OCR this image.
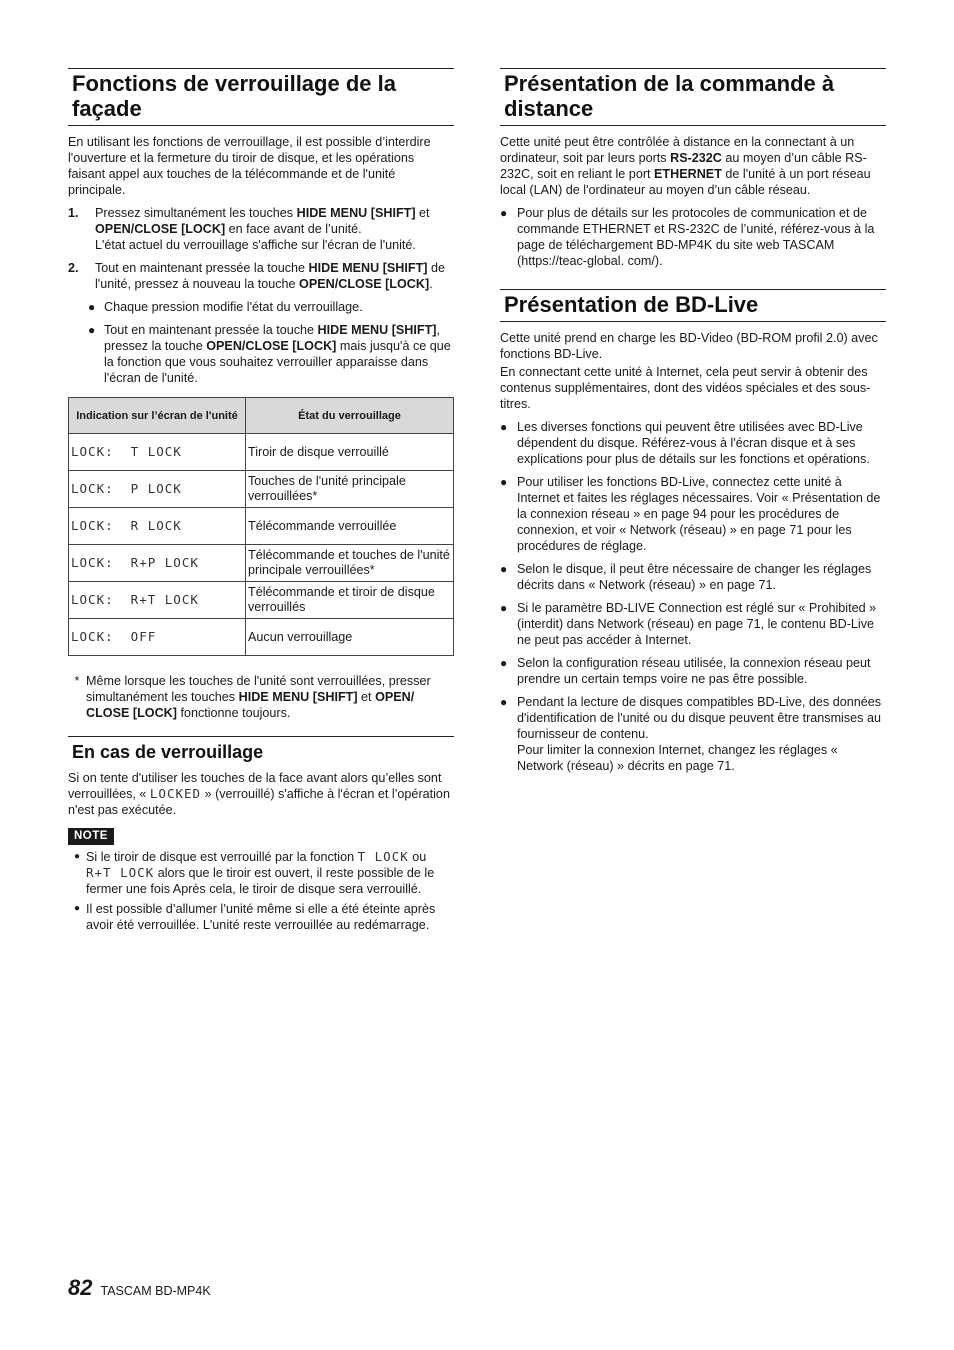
Fonctions de verrouillage de la façade

En utilisant les fonctions de verrouillage, il est possible d’interdire l'ouverture et la fermeture du tiroir de disque, et les opérations faisant appel aux touches de la télécommande et de l'unité principale.

1.	Pressez simultanément les touches HIDE MENU [SHIFT] et OPEN/CLOSE [LOCK] en face avant de l’unité.

L'état actuel du verrouillage s'affiche sur l'écran de l'unité.

2.	Tout en maintenant pressée la touche HIDE MENU [SHIFT] de l'unité, pressez à nouveau la touche OPEN/CLOSE [LOCK].
● Chaque pression modifie l'état du verrouillage.
● Tout en maintenant pressée la touche HIDE MENU [SHIFT], pressez la touche OPEN/CLOSE [LOCK] mais jusqu'à ce que la fonction que vous souhaitez verrouiller apparaisse dans l'écran de l'unité.
Indication sur l’écran de l'unité	État du verrouillage
LOCK:  T LOCK	Tiroir de disque verrouillé
LOCK:  P LOCK	Touches de l'unité principale verrouillées*
LOCK:  R LOCK	Télécommande verrouillée
LOCK:  R+P LOCK	Télécommande et touches de l'unité principale verrouillées*
LOCK:  R+T LOCK	Télécommande et tiroir de disque verrouillés
LOCK:  OFF	Aucun verrouillage
* Même lorsque les touches de l'unité sont verrouillées, presser simultanément les touches HIDE MENU [SHIFT] et OPEN/ CLOSE [LOCK] fonctionne toujours.
En cas de verrouillage

Si on tente d'utiliser les touches de la face avant alors qu’elles sont verrouillées, « LOCKED » (verrouillé) s'affiche à l'écran et l’opération n'est pas exécutée.

NOTE
● Si le tiroir de disque est verrouillé par la fonction T LOCK ou R+T LOCK alors que le tiroir est ouvert, il reste possible de le fermer une fois Après cela, le tiroir de disque sera verrouillé.
● Il est possible d’allumer l’unité même si elle a été éteinte après avoir été verrouillée. L'unité reste verrouillée au redémarrage.
Présentation de la commande à distance

Cette unité peut être contrôlée à distance en la connectant à un ordinateur, soit par leurs ports RS-232C au moyen d’un câble RS-232C, soit en reliant le port ETHERNET de l'unité à un port réseau local (LAN) de l'ordinateur au moyen d’un câble réseau.

● Pour plus de détails sur les protocoles de communication et de commande ETHERNET et RS-232C de l’unité, référez-vous à la page de téléchargement BD-MP4K du site web TASCAM (https://teac-global. com/).
Présentation de BD-Live

Cette unité prend en charge les BD-Video (BD-ROM profil 2.0) avec fonctions BD-Live.

En connectant cette unité à Internet, cela peut servir à obtenir des contenus supplémentaires, dont des vidéos spéciales et des sous-titres.

● Les diverses fonctions qui peuvent être utilisées avec BD-Live dépendent du disque. Référez-vous à l'écran disque et à ses explications pour plus de détails sur les fonctions et opérations.
● Pour utiliser les fonctions BD-Live, connectez cette unité à Internet et faites les réglages nécessaires. Voir « Présentation de la connexion réseau » en page 94 pour les procédures de connexion, et voir « Network (réseau) » en page 71 pour les procédures de réglage.
● Selon le disque, il peut être nécessaire de changer les réglages décrits dans « Network (réseau) » en page 71.
● Si le paramètre BD-LIVE Connection est réglé sur « Prohibited » (interdit) dans Network (réseau) en page 71, le contenu BD-Live ne peut pas accéder à Internet.
● Selon la configuration réseau utilisée, la connexion réseau peut prendre un certain temps voire ne pas être possible.
● Pendant la lecture de disques compatibles BD-Live, des données d'identification de l'unité ou du disque peuvent être transmises au fournisseur de contenu.

Pour limiter la connexion Internet, changez les réglages « Network (réseau) » décrits en page 71.

82 TASCAM BD-MP4K
